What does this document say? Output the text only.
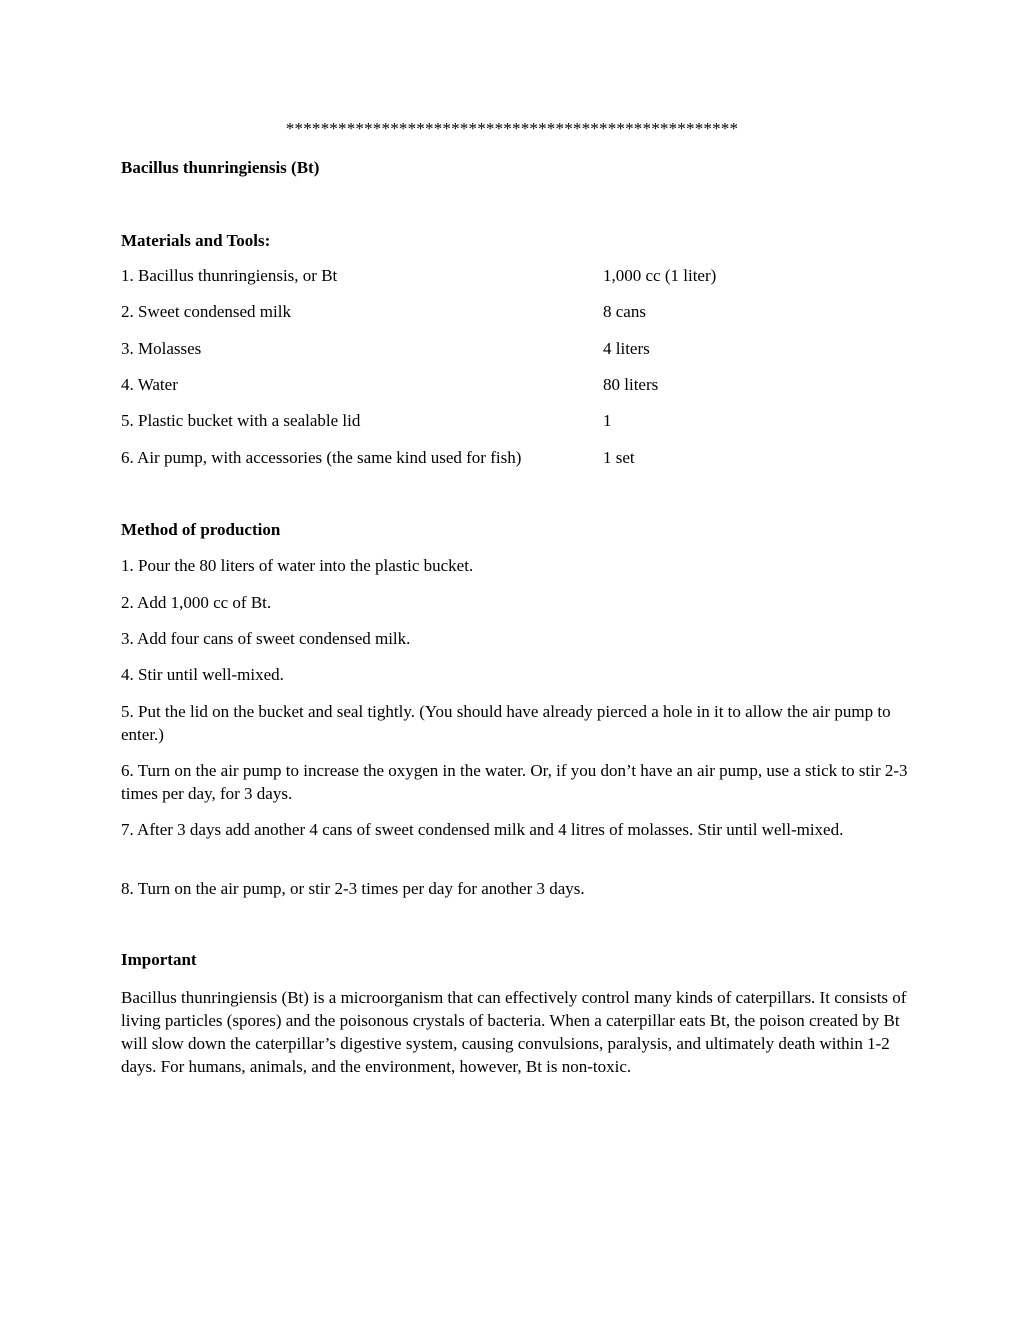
****************************************************
Bacillus thunringiensis (Bt)
Materials and Tools:
1. Bacillus thunringiensis, or Bt	1,000 cc (1 liter)
2. Sweet condensed milk	8 cans
3. Molasses	4 liters
4. Water	80 liters
5. Plastic bucket with a sealable lid	1
6. Air pump, with accessories (the same kind used for fish)	1 set
Method of production
1. Pour the 80 liters of water into the plastic bucket.
2. Add 1,000 cc of Bt.
3. Add four cans of sweet condensed milk.
4. Stir until well-mixed.
5. Put the lid on the bucket and seal tightly. (You should have already pierced a hole in it to allow the air pump to enter.)
6. Turn on the air pump to increase the oxygen in the water. Or, if you don’t have an air pump, use a stick to stir 2-3 times per day, for 3 days.
7. After 3 days add another 4 cans of sweet condensed milk and 4 litres of molasses. Stir until well-mixed.
8. Turn on the air pump, or stir 2-3 times per day for another 3 days.
Important
Bacillus thunringiensis (Bt) is a microorganism that can effectively control many kinds of caterpillars. It consists of living particles (spores) and the poisonous crystals of bacteria. When a caterpillar eats Bt, the poison created by Bt will slow down the caterpillar’s digestive system, causing convulsions, paralysis, and ultimately death within 1-2 days. For humans, animals, and the environment, however, Bt is non-toxic.
